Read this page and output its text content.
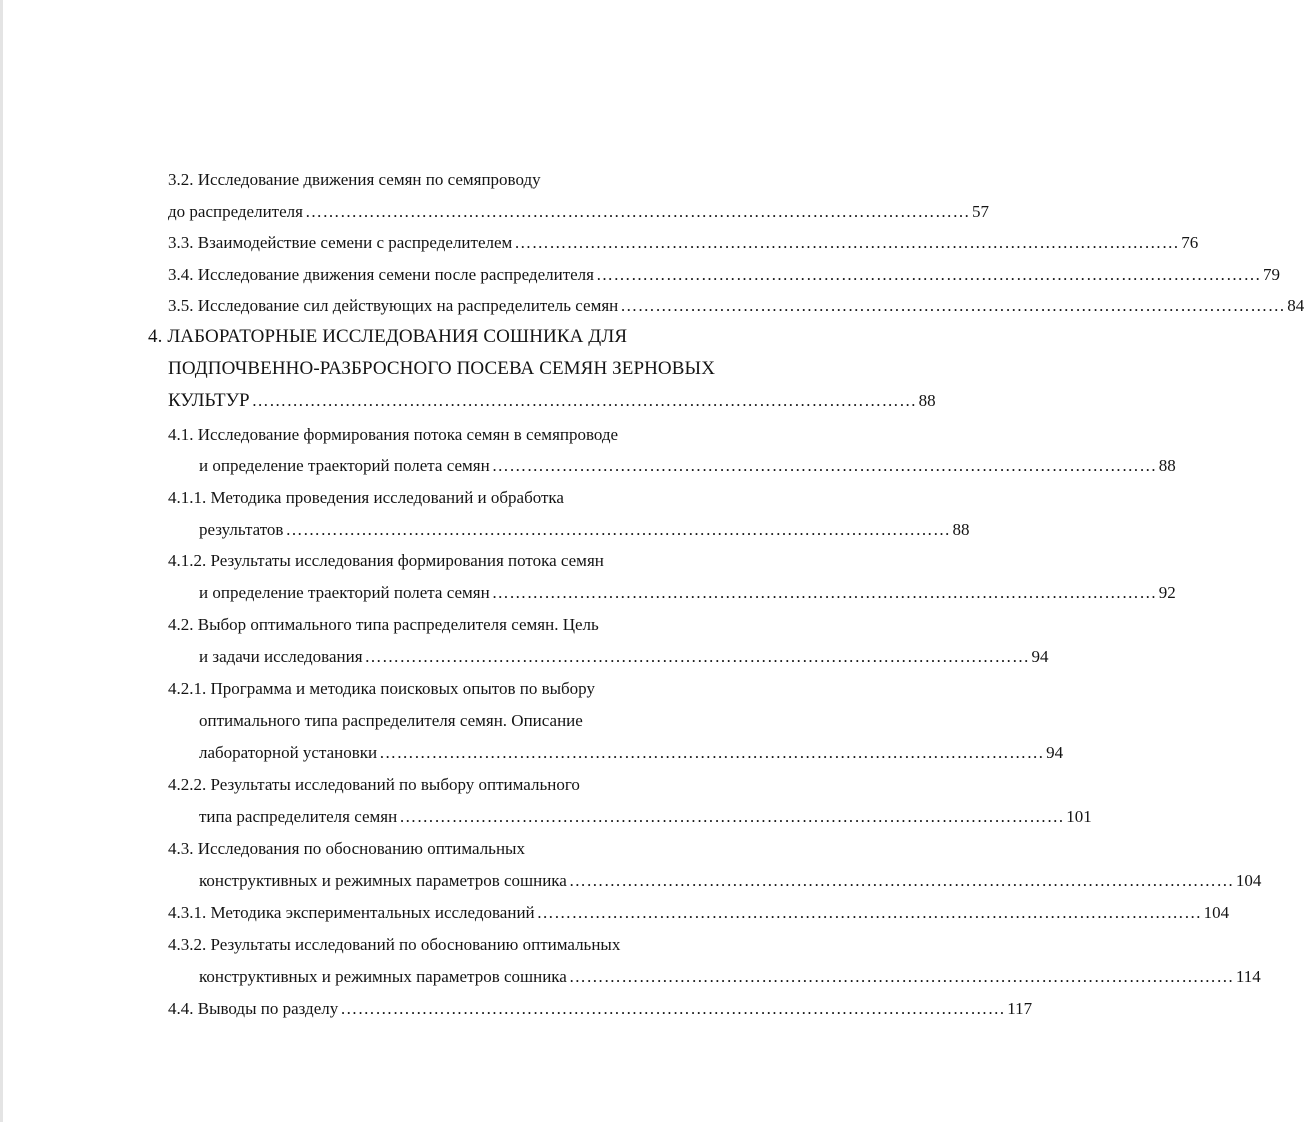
3.2. Исследование движения семян по семяпроводу
до распределителя …………………………………………………………………………………………………… 57
3.3. Взаимодействие семени с распределителем …………………………………………………………………………………………………… 76
3.4. Исследование движения семени после распределителя …………………………………………………………………………………………………… 79
3.5. Исследование сил действующих на распределитель семян …………………………………………………………………………………………………… 84
4. ЛАБОРАТОРНЫЕ ИССЛЕДОВАНИЯ СОШНИКА ДЛЯ
ПОДПОЧВЕННО-РАЗБРОСНОГО ПОСЕВА СЕМЯН ЗЕРНОВЫХ
КУЛЬТУР …………………………………………………………………………………………………… 88
4.1. Исследование формирования потока семян в семяпроводе
и определение траекторий полета семян …………………………………………………………………………………………………… 88
4.1.1. Методика проведения исследований и обработка
результатов …………………………………………………………………………………………………… 88
4.1.2. Результаты исследования формирования потока семян
и определение траекторий полета семян …………………………………………………………………………………………………… 92
4.2. Выбор оптимального типа распределителя семян. Цель
и задачи исследования …………………………………………………………………………………………………… 94
4.2.1. Программа и методика поисковых опытов по выбору
оптимального типа распределителя семян. Описание
лабораторной установки …………………………………………………………………………………………………… 94
4.2.2. Результаты исследований по выбору оптимального
типа распределителя семян …………………………………………………………………………………………………… 101
4.3. Исследования по обоснованию оптимальных
конструктивных и режимных параметров сошника …………………………………………………………………………………………………… 104
4.3.1. Методика экспериментальных исследований …………………………………………………………………………………………………… 104
4.3.2. Результаты исследований по обоснованию оптимальных
конструктивных и режимных параметров сошника …………………………………………………………………………………………………… 114
4.4. Выводы по разделу …………………………………………………………………………………………………… 117
